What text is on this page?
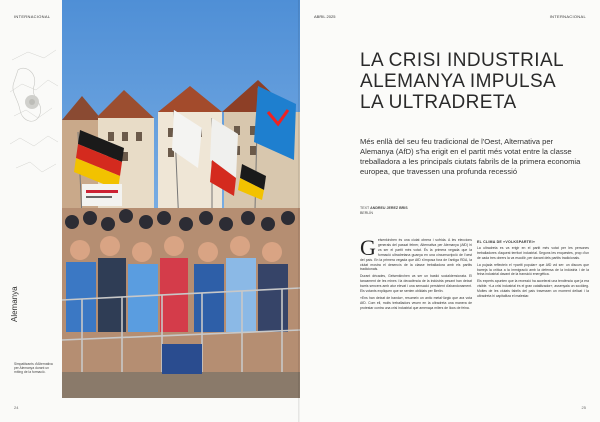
INTERNACIONAL
Alemanya
Simpatitzants d'Alternativa per Alemanya durant un míting de la formació.
24
INTERNACIONAL
25
ABRIL 2025
LA CRISI INDUSTRIAL
ALEMANYA IMPULSA
LA ULTRADRETA

Més enllà del seu feu tradicional de l'Oest, Alternativa per Alemanya (AfD) s'ha erigit en el partit més votat entre la classe treballadora a les principals ciutats fabrils de la primera economia europea, que travessen una profunda recessió

TEXT ANDREU JEREZ BRIS
BERLÍN
G elsenkirchen és una ciutat obrera i sofrida. A les eleccions generals del passat febrer, Alternativa per Alemanya (AfD) hi va ser el partit més votat. És la primera vegada que la formació ultradretana guanya en una circumscripció de l'oest del país. En la primera vegada que AfD s'imposa fora de l'antiga RDA, la ciutat mostra el desencís de la classe treballadora amb els partits tradicionals.

Durant dècades, Gelsenkirchen va ser un bastió socialdemòcrata. El tancament de les mines i la decadència de la indústria pesant han deixat barris sencers amb atur elevat i una sensació persistent d'abandonament. Els votants expliquen que se senten oblidats per Berlín.

«Ens han deixat de banda», resumeix un antic metal·lúrgic que ara vota AfD. Com ell, molts treballadors veuen en la ultradreta una manera de protestar contra una crisi industrial que amenaça milers de llocs de feina.

EL CLIMA DE «VOLKSPARTEI»

La ultradreta es va erigir en el partit més votat per les persones treballadores d'aquest territori industrial. Segons les enquestes, prop d'un de cada tres obrers la va escollir, per davant dels partits tradicionals.

La pujada reflecteix el «partit popular» que AfD vol ser: un discurs que barreja la crítica a la immigració amb la defensa de la indústria i de la feina industrial davant de la transició energètica.

Els experts apunten que la recessió ha accelerat una tendència que ja era visible. «La crisi industrial és el gran catalitzador», assenyala un sociòleg. Moltes de les ciutats fabrils del país travessen un moment delicat i la ultradreta hi capitalitza el malestar.
